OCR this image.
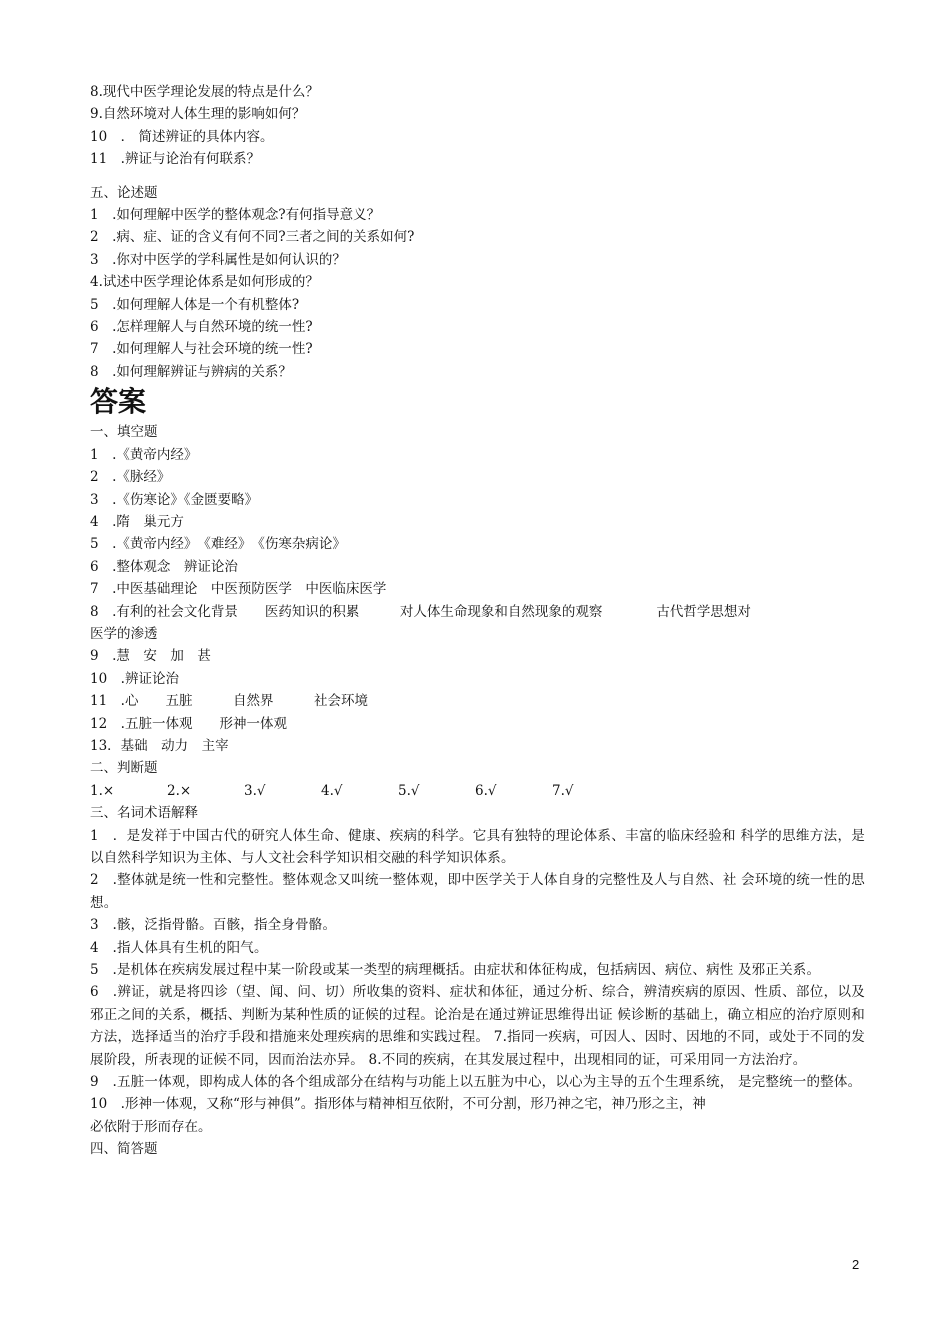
8.现代中医学理论发展的特点是什么？
9.自然环境对人体生理的影响如何？
10　． 简述辨证的具体内容。
11　.辨证与论治有何联系？
五、论述题
1　.如何理解中医学的整体观念?有何指导意义？
2　.病、症、证的含义有何不同?三者之间的关系如何?
3　.你对中医学的学科属性是如何认识的？
4.试述中医学理论体系是如何形成的？
5　.如何理解人体是一个有机整体?
6　.怎样理解人与自然环境的统一性?
7　.如何理解人与社会环境的统一性?
8　.如何理解辨证与辨病的关系？
答案
一、填空题
1　.《黄帝内经》
2　.《脉经》
3　.《伤寒论》《金匮要略》
4　.隋　巢元方
5　.《黄帝内经》　《难经》　《伤寒杂病论》
6　.整体观念　辨证论治
7　.中医基础理论　中医预防医学　中医临床医学
8　.有利的社会文化背景　　医药知识的积累　　　对人体生命现象和自然现象的观察　　　　古代哲学思想对
医学的渗透
9　.慧　安　加　甚
10　.辨证论治
11　.心　　五脏　　　自然界　　　社会环境
12　.五脏一体观　　形神一体观
13．基础　动力　主宰
二、判断题
1.×	2.×	3.√	4.√	5.√	6.√	7.√
三、名词术语解释
1　．是发祥于中国古代的研究人体生命、健康、疾病的科学。它具有独特的理论体系、丰富的临床经验和 科学的思维方法，是以自然科学知识为主体、与人文社会科学知识相交融的科学知识体系。
2　.整体就是统一性和完整性。整体观念又叫统一整体观，即中医学关于人体自身的完整性及人与自然、社 会环境的统一性的思想。
3　.骸，泛指骨骼。百骸，指全身骨骼。
4　.指人体具有生机的阳气。
5　.是机体在疾病发展过程中某一阶段或某一类型的病理概括。由症状和体征构成，包括病因、病位、病性 及邪正关系。
6　.辨证，就是将四诊（望、闻、问、切）所收集的资料、症状和体征，通过分析、综合，辨清疾病的原因、性质、部位，以及邪正之间的关系，概括、判断为某种性质的证候的过程。论治是在通过辨证思维得出证 候诊断的基础上，确立相应的治疗原则和方法，选择适当的治疗手段和措施来处理疾病的思维和实践过程。 7.指同一疾病，可因人、因时、因地的不同，或处于不同的发展阶段，所表现的证候不同，因而治法亦异。 8.不同的疾病，在其发展过程中，出现相同的证，可采用同一方法治疗。
9　.五脏一体观，即构成人体的各个组成部分在结构与功能上以五脏为中心，以心为主导的五个生理系统， 是完整统一的整体。
10　.形神一体观，又称“形与神俱”。指形体与精神相互依附，不可分割，形乃神之宅，神乃形之主，神
必依附于形而存在。
四、简答题
2
